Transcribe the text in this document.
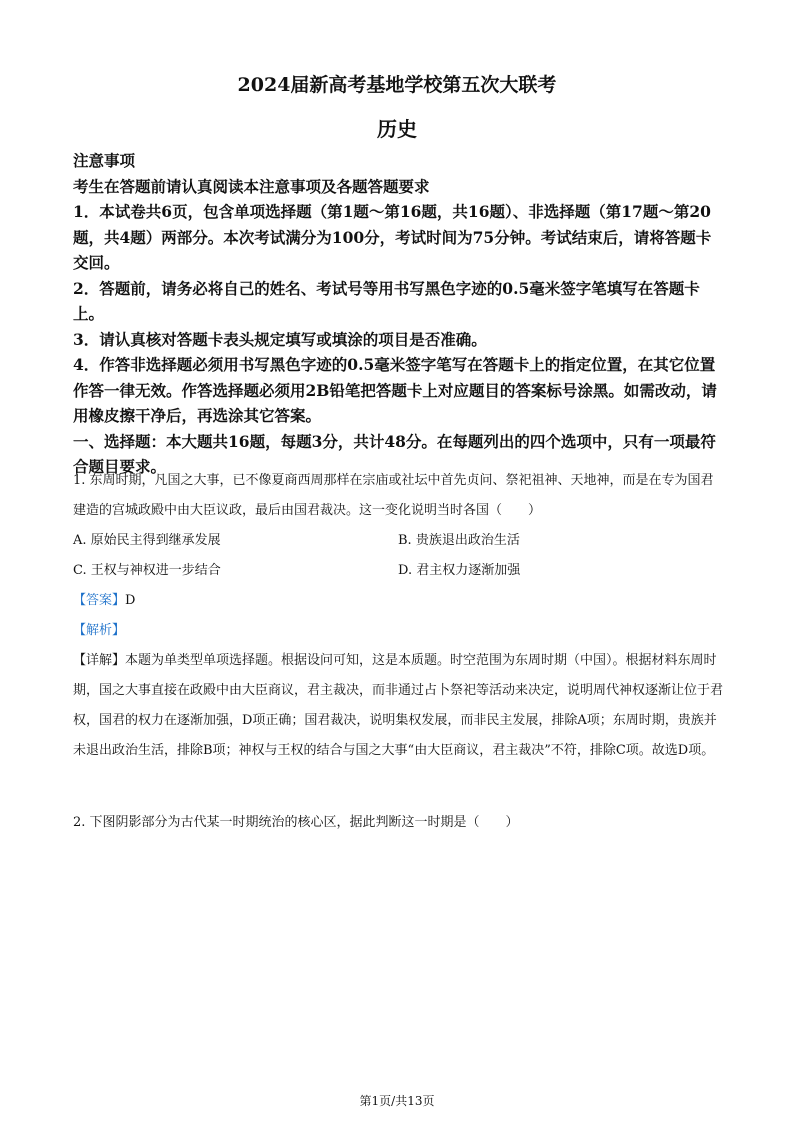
2024届新高考基地学校第五次大联考
历史

注意事项

考生在答题前请认真阅读本注意事项及各题答题要求

1．本试卷共6页，包含单项选择题（第1题～第16题，共16题）、非选择题（第17题～第20题，共4题）两部分。本次考试满分为100分，考试时间为75分钟。考试结束后，请将答题卡交回。

2．答题前，请务必将自己的姓名、考试号等用书写黑色字迹的0.5毫米签字笔填写在答题卡上。

3．请认真核对答题卡表头规定填写或填涂的项目是否准确。

4．作答非选择题必须用书写黑色字迹的0.5毫米签字笔写在答题卡上的指定位置，在其它位置作答一律无效。作答选择题必须用2B铅笔把答题卡上对应题目的答案标号涂黑。如需改动，请用橡皮擦干净后，再选涂其它答案。

一、选择题：本大题共16题，每题3分，共计48分。在每题列出的四个选项中，只有一项最符合题目要求。

1. 东周时期，凡国之大事，已不像夏商西周那样在宗庙或社坛中首先贞问、祭祀祖神、天地神，而是在专为国君建造的宫城政殿中由大臣议政，最后由国君裁决。这一变化说明当时各国（　　）

A. 原始民主得到继承发展	B. 贵族退出政治生活
C. 王权与神权进一步结合	D. 君主权力逐渐加强

【答案】D

【解析】

【详解】本题为单类型单项选择题。根据设问可知，这是本质题。时空范围为东周时期（中国）。根据材料东周时期，国之大事直接在政殿中由大臣商议，君主裁决，而非通过占卜祭祀等活动来决定，说明周代神权逐渐让位于君权，国君的权力在逐渐加强，D项正确；国君裁决，说明集权发展，而非民主发展，排除A项；东周时期，贵族并未退出政治生活，排除B项；神权与王权的结合与国之大事“由大臣商议，君主裁决”不符，排除C项。故选D项。

2. 下图阴影部分为古代某一时期统治的核心区，据此判断这一时期是（　　）

第1页/共13页
